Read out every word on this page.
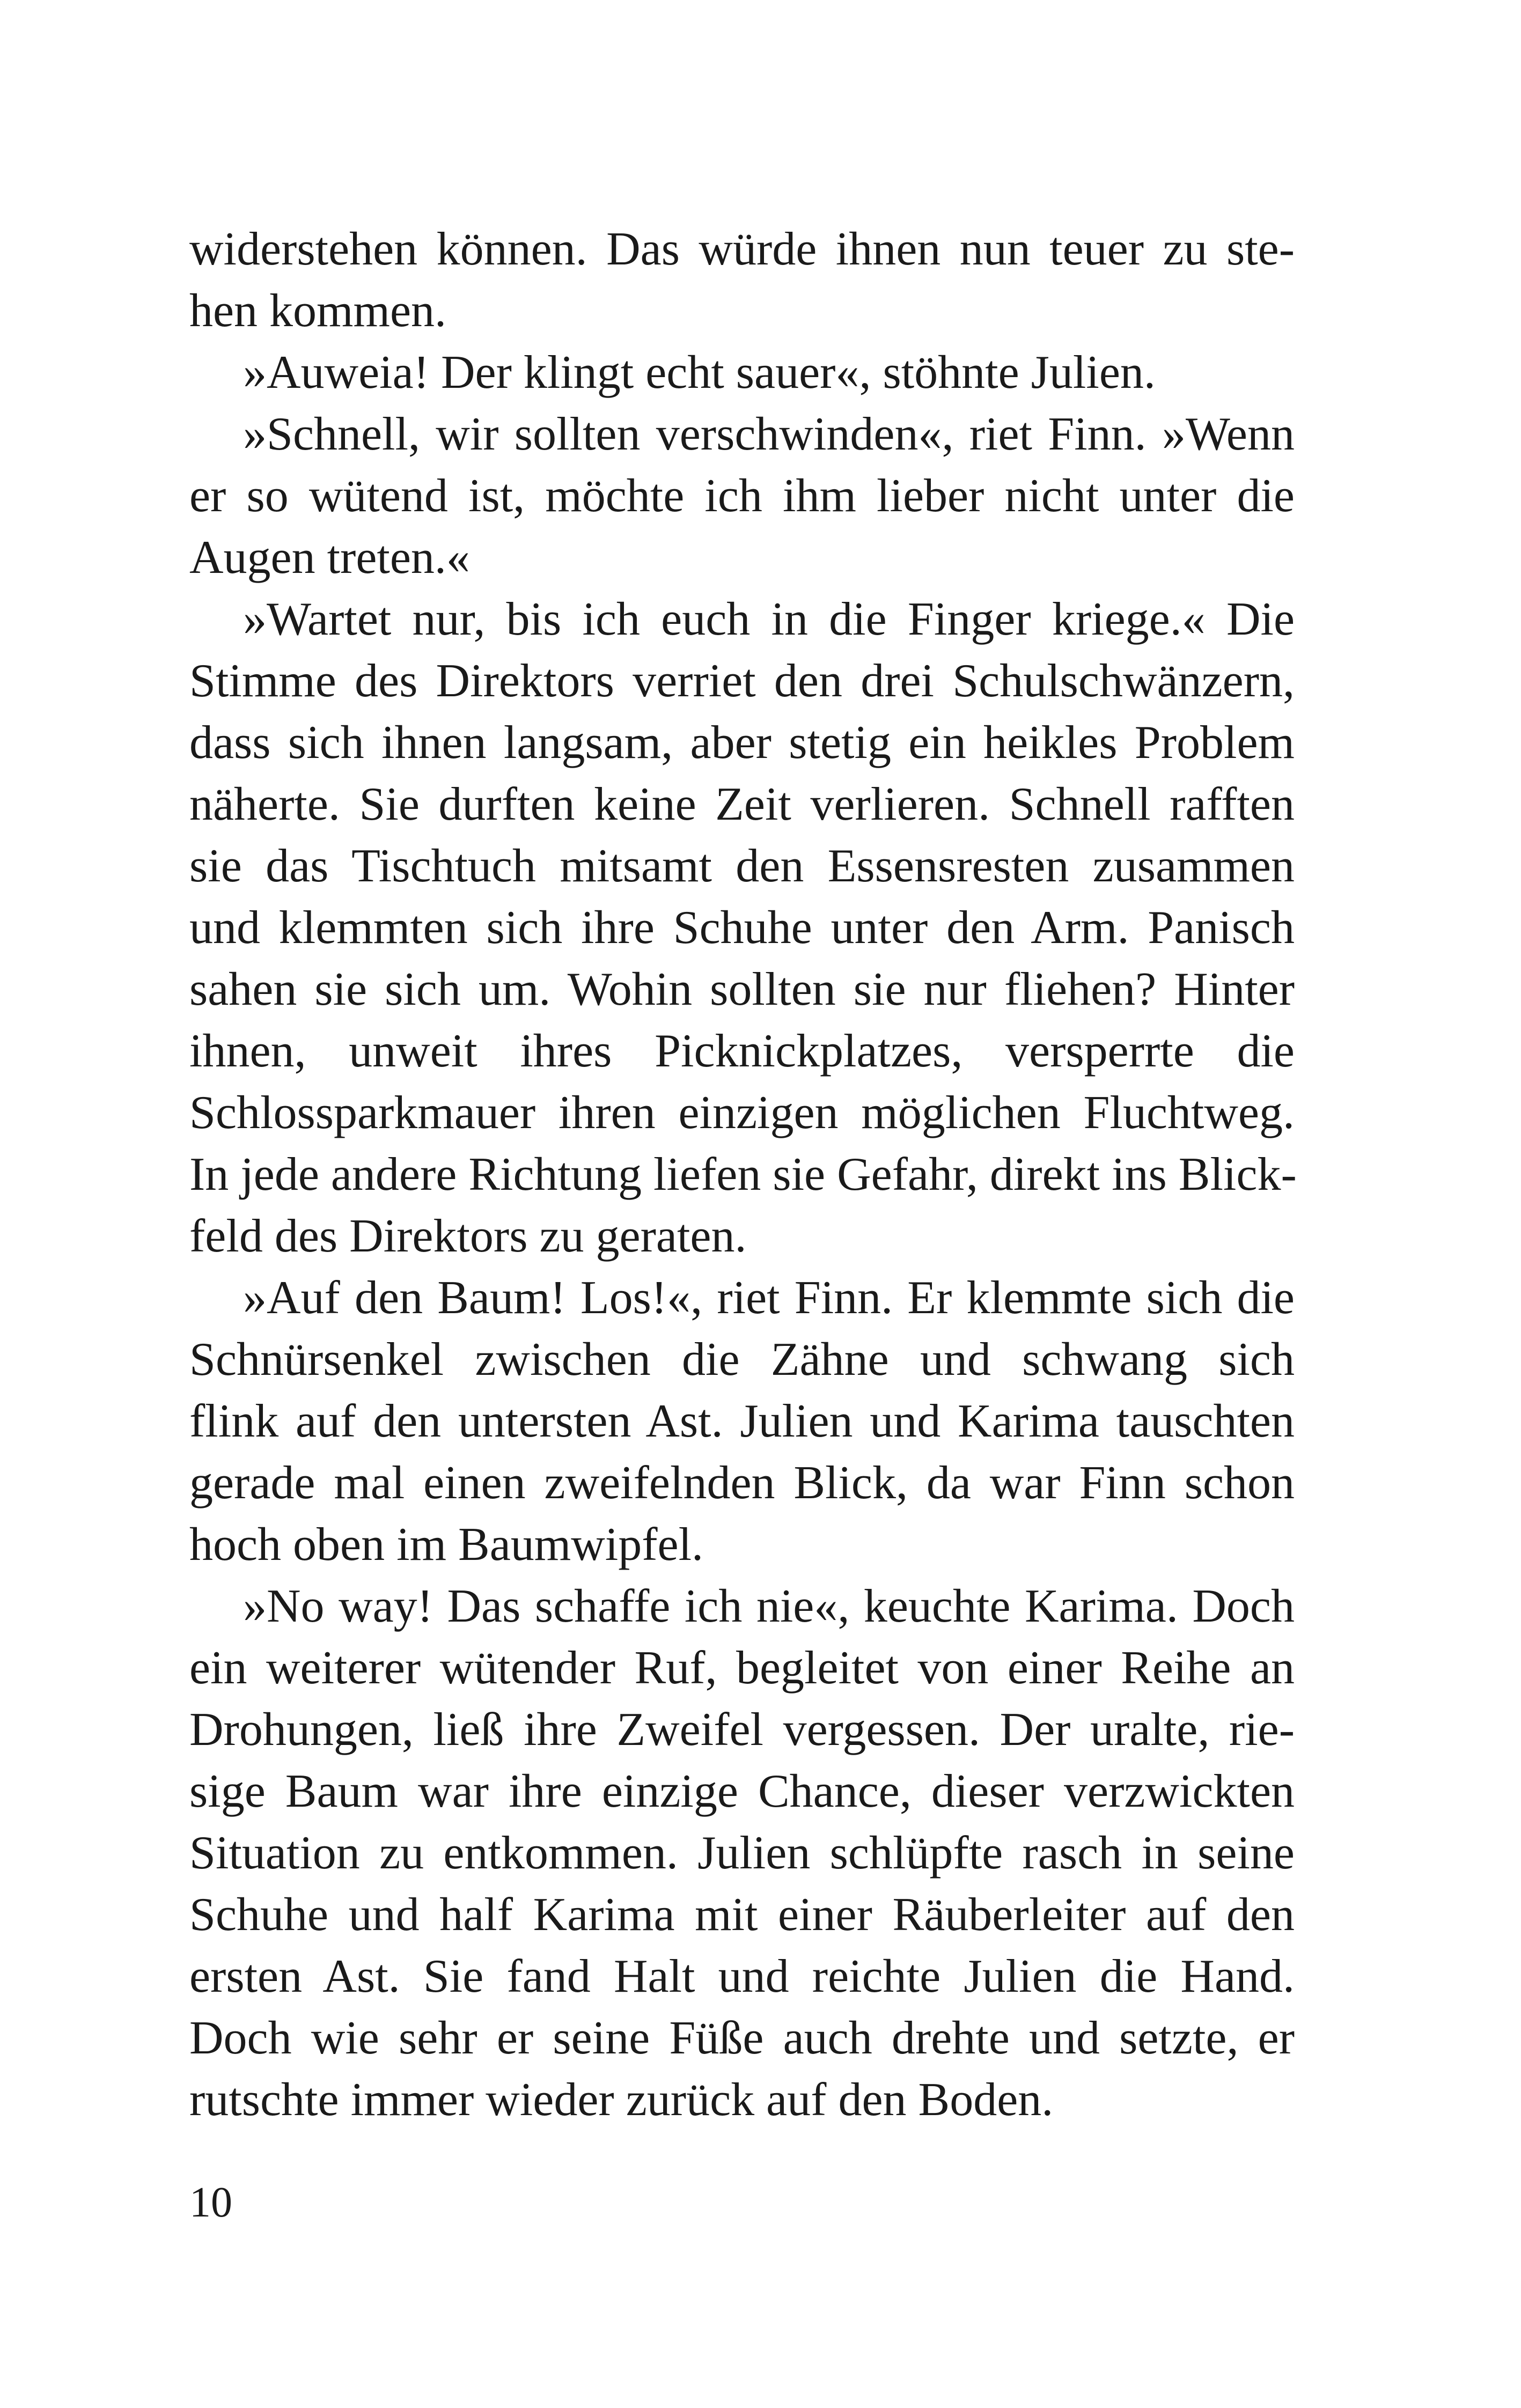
widerstehen können. Das würde ihnen nun teuer zu ste-
hen kommen.
»Auweia! Der klingt echt sauer«, stöhnte Julien.
»Schnell, wir sollten verschwinden«, riet Finn. »Wenn
er so wütend ist, möchte ich ihm lieber nicht unter die
Augen treten.«
»Wartet nur, bis ich euch in die Finger kriege.« Die
Stimme des Direktors verriet den drei Schulschwänzern,
dass sich ihnen langsam, aber stetig ein heikles Problem
näherte. Sie durften keine Zeit verlieren. Schnell rafften
sie das Tischtuch mitsamt den Essensresten zusammen
und klemmten sich ihre Schuhe unter den Arm. Panisch
sahen sie sich um. Wohin sollten sie nur fliehen? Hinter
ihnen, unweit ihres Picknickplatzes, versperrte die
Schlossparkmauer ihren einzigen möglichen Fluchtweg.
In jede andere Richtung liefen sie Gefahr, direkt ins Blick-
feld des Direktors zu geraten.
»Auf den Baum! Los!«, riet Finn. Er klemmte sich die
Schnürsenkel zwischen die Zähne und schwang sich
flink auf den untersten Ast. Julien und Karima tauschten
gerade mal einen zweifelnden Blick, da war Finn schon
hoch oben im Baumwipfel.
»No way! Das schaffe ich nie«, keuchte Karima. Doch
ein weiterer wütender Ruf, begleitet von einer Reihe an
Drohungen, ließ ihre Zweifel vergessen. Der uralte, rie-
sige Baum war ihre einzige Chance, dieser verzwickten
Situation zu entkommen. Julien schlüpfte rasch in seine
Schuhe und half Karima mit einer Räuberleiter auf den
ersten Ast. Sie fand Halt und reichte Julien die Hand.
Doch wie sehr er seine Füße auch drehte und setzte, er
rutschte immer wieder zurück auf den Boden.
10
